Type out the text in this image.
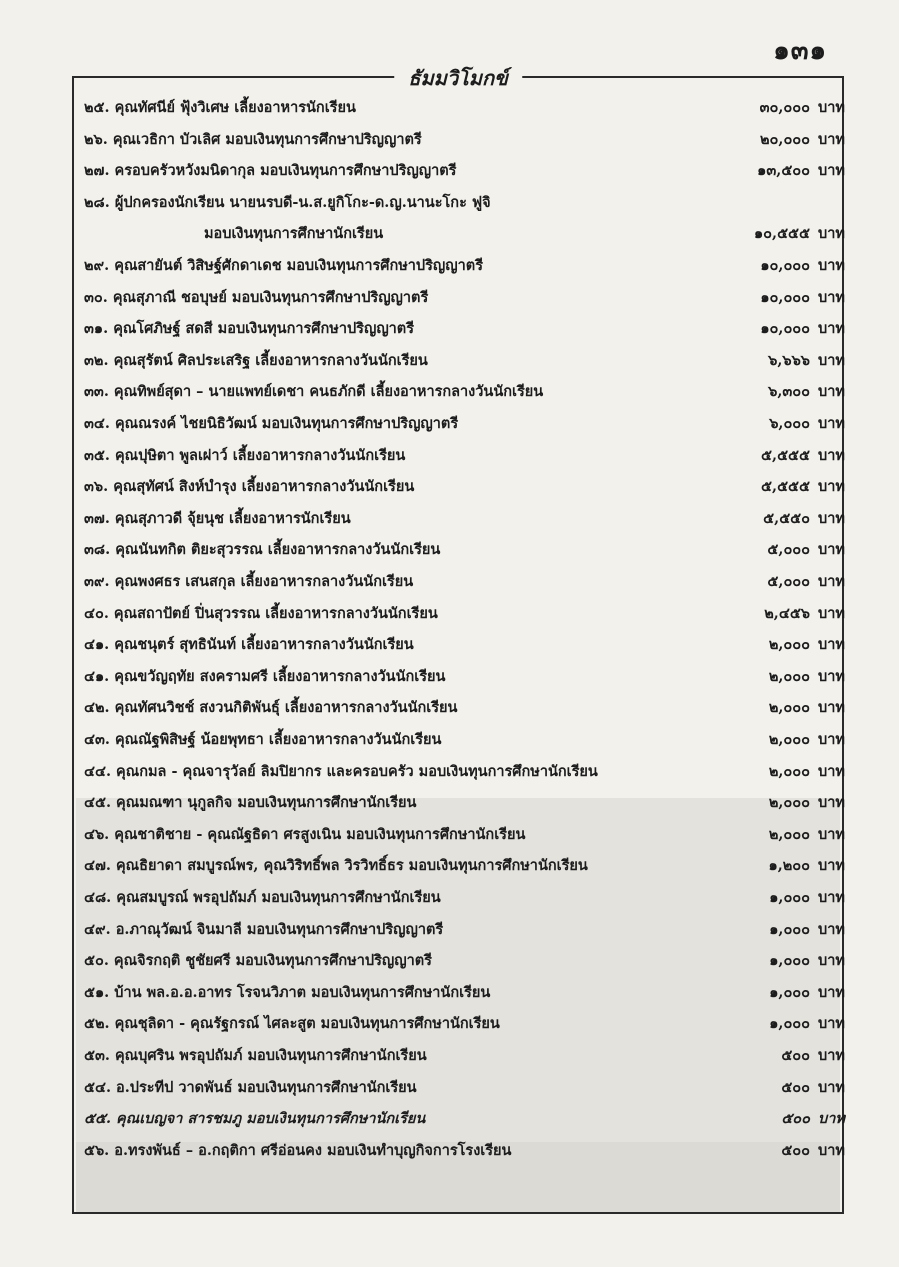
๑๓๑
ธัมมวิโมกข์
๒๕. คุณทัศนีย์ ฟุ้งวิเศษ เลี้ยงอาหารนักเรียน	๓๐,๐๐๐ บาท
๒๖. คุณเวธิกา บัวเลิศ มอบเงินทุนการศึกษาปริญญาตรี	๒๐,๐๐๐ บาท
๒๗. ครอบครัวหวังมนิดากุล มอบเงินทุนการศึกษาปริญญาตรี	๑๓,๕๐๐ บาท
๒๘. ผู้ปกครองนักเรียน นายนรบดี-น.ส.ยูกิโกะ-ด.ญ.นานะโกะ ฟูจิ
มอบเงินทุนการศึกษานักเรียน	๑๐,๕๕๕ บาท
๒๙. คุณสายันต์ วิสิษฐ์ศักดาเดช มอบเงินทุนการศึกษาปริญญาตรี	๑๐,๐๐๐ บาท
๓๐. คุณสุภาณี ชอบุษย์ มอบเงินทุนการศึกษาปริญญาตรี	๑๐,๐๐๐ บาท
๓๑. คุณโศภิษฐ์ สดสี มอบเงินทุนการศึกษาปริญญาตรี	๑๐,๐๐๐ บาท
๓๒. คุณสุรัตน์ ศิลประเสริฐ เลี้ยงอาหารกลางวันนักเรียน	๖,๖๖๖ บาท
๓๓. คุณทิพย์สุดา – นายแพทย์เดชา คนธภักดี เลี้ยงอาหารกลางวันนักเรียน	๖,๓๐๐ บาท
๓๔. คุณณรงค์ ไชยนิธิวัฒน์ มอบเงินทุนการศึกษาปริญญาตรี	๖,๐๐๐ บาท
๓๕. คุณปุษิตา พูลเผ่าว์ เลี้ยงอาหารกลางวันนักเรียน	๕,๕๕๕ บาท
๓๖. คุณสุทัศน์ สิงห์บำรุง เลี้ยงอาหารกลางวันนักเรียน	๕,๕๕๕ บาท
๓๗. คุณสุภาวดี จุ้ยนุช เลี้ยงอาหารนักเรียน	๕,๕๕๐ บาท
๓๘. คุณนันทกิต ติยะสุวรรณ เลี้ยงอาหารกลางวันนักเรียน	๕,๐๐๐ บาท
๓๙. คุณพงศธร เสนสกุล เลี้ยงอาหารกลางวันนักเรียน	๕,๐๐๐ บาท
๔๐. คุณสถาปัตย์ ปิ่นสุวรรณ เลี้ยงอาหารกลางวันนักเรียน	๒,๔๕๖ บาท
๔๑. คุณชนุตร์ สุทธินันท์ เลี้ยงอาหารกลางวันนักเรียน	๒,๐๐๐ บาท
๔๑. คุณขวัญฤทัย สงครามศรี เลี้ยงอาหารกลางวันนักเรียน	๒,๐๐๐ บาท
๔๒. คุณทัศนวิชช์ สงวนกิติพันธุ์ เลี้ยงอาหารกลางวันนักเรียน	๒,๐๐๐ บาท
๔๓. คุณณัฐพิสิษฐ์ น้อยพุทธา เลี้ยงอาหารกลางวันนักเรียน	๒,๐๐๐ บาท
๔๔. คุณกมล - คุณจารุวัลย์ ลิมปิยากร และครอบครัว มอบเงินทุนการศึกษานักเรียน	๒,๐๐๐ บาท
๔๕. คุณมณฑา นุกูลกิจ มอบเงินทุนการศึกษานักเรียน	๒,๐๐๐ บาท
๔๖. คุณชาติชาย - คุณณัฐธิดา ศรสูงเนิน มอบเงินทุนการศึกษานักเรียน	๒,๐๐๐ บาท
๔๗. คุณธิยาดา สมบูรณ์พร, คุณวิริทธิ์พล วิรวิทธิ์ธร มอบเงินทุนการศึกษานักเรียน	๑,๒๐๐ บาท
๔๘. คุณสมบูรณ์ พรอุปถัมภ์ มอบเงินทุนการศึกษานักเรียน	๑,๐๐๐ บาท
๔๙. อ.ภาณุวัฒน์ จินมาลี มอบเงินทุนการศึกษาปริญญาตรี	๑,๐๐๐ บาท
๕๐. คุณจิรกฤติ ชูชัยศรี มอบเงินทุนการศึกษาปริญญาตรี	๑,๐๐๐ บาท
๕๑. บ้าน พล.อ.อ.อาทร โรจนวิภาต มอบเงินทุนการศึกษานักเรียน	๑,๐๐๐ บาท
๕๒. คุณชุลิดา - คุณรัฐกรณ์ ไศละสูต มอบเงินทุนการศึกษานักเรียน	๑,๐๐๐ บาท
๕๓. คุณบุศริน พรอุปถัมภ์ มอบเงินทุนการศึกษานักเรียน	๕๐๐ บาท
๕๔. อ.ประทีป วาดพันธ์ มอบเงินทุนการศึกษานักเรียน	๕๐๐ บาท
๕๕. คุณเบญจา สารชมภู มอบเงินทุนการศึกษานักเรียน	๕๐๐ บาท
๕๖. อ.ทรงพันธ์ – อ.กฤติกา ศรีอ่อนคง มอบเงินทำบุญกิจการโรงเรียน	๕๐๐ บาท
